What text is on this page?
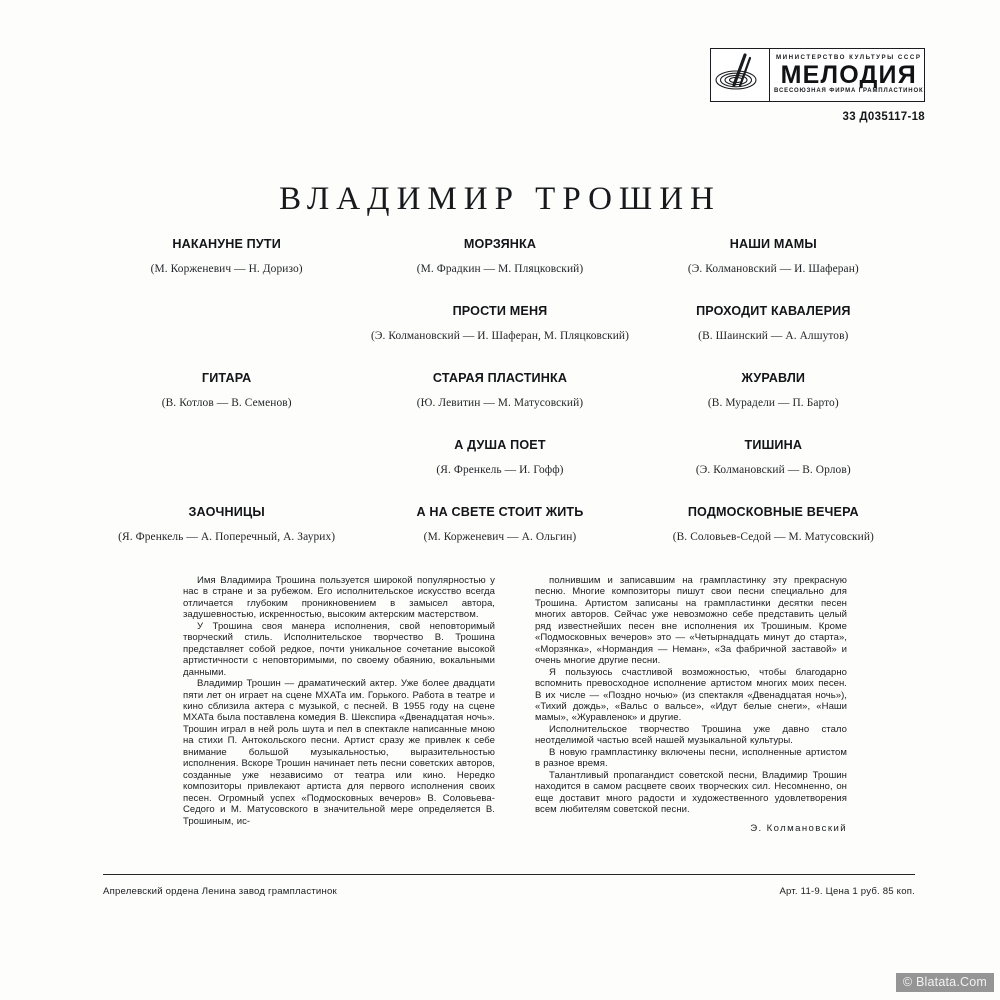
МИНИСТЕРСТВО КУЛЬТУРЫ СССР
МЕЛОДИЯ
ВСЕСОЮЗНАЯ ФИРМА ГРАМПЛАСТИНОК
33 Д035117-18
ВЛАДИМИР ТРОШИН
НАКАНУНЕ ПУТИ
(М. Корженевич — Н. Доризо)
МОРЗЯНКА
(М. Фрадкин — М. Пляцковский)
НАШИ МАМЫ
(Э. Колмановский — И. Шаферан)
ПРОСТИ МЕНЯ
(Э. Колмановский — И. Шаферан, М. Пляцковский)
ПРОХОДИТ КАВАЛЕРИЯ
(В. Шаинский — А. Алшутов)
ГИТАРА
(В. Котлов — В. Семенов)
СТАРАЯ ПЛАСТИНКА
(Ю. Левитин — М. Матусовский)
ЖУРАВЛИ
(В. Мурадели — П. Барто)
А ДУША ПОЕТ
(Я. Френкель — И. Гофф)
ТИШИНА
(Э. Колмановский — В. Орлов)
ЗАОЧНИЦЫ
(Я. Френкель — А. Поперечный, А. Заурих)
А НА СВЕТЕ СТОИТ ЖИТЬ
(М. Корженевич — А. Ольгин)
ПОДМОСКОВНЫЕ ВЕЧЕРА
(В. Соловьев-Седой — М. Матусовский)

Имя Владимира Трошина пользуется широкой популярностью у нас в стране и за рубежом. Его исполнительское искусство всегда отличается глубоким проникновением в замысел автора, задушевностью, искренностью, высоким актерским мастерством.

У Трошина своя манера исполнения, свой неповторимый творческий стиль. Исполнительское творчество В. Трошина представляет собой редкое, почти уникальное сочетание высокой артистичности с неповторимыми, по своему обаянию, вокальными данными.

Владимир Трошин — драматический актер. Уже более двадцати пяти лет он играет на сцене МХАТа им. Горького. Работа в театре и кино сблизила актера с музыкой, с песней. В 1955 году на сцене МХАТа была поставлена комедия В. Шекспира «Двенадцатая ночь». Трошин играл в ней роль шута и пел в спектакле написанные мною на стихи П. Антокольского песни. Артист сразу же привлек к себе внимание большой музыкальностью, выразительностью исполнения. Вскоре Трошин начинает петь песни советских авторов, созданные уже независимо от театра или кино. Нередко композиторы привлекают артиста для первого исполнения своих песен. Огромный успех «Подмосковных вечеров» В. Соловьева-Седого и М. Матусовского в значительной мере определяется В. Трошиным, ис-

полнившим и записавшим на грампластинку эту прекрасную песню. Многие композиторы пишут свои песни специально для Трошина. Артистом записаны на грампластинки десятки песен многих авторов. Сейчас уже невозможно себе представить целый ряд известнейших песен вне исполнения их Трошиным. Кроме «Подмосковных вечеров» это — «Четырнадцать минут до старта», «Морзянка», «Нормандия — Неман», «За фабричной заставой» и очень многие другие песни.

Я пользуюсь счастливой возможностью, чтобы благодарно вспомнить превосходное исполнение артистом многих моих песен. В их числе — «Поздно ночью» (из спектакля «Двенадцатая ночь»), «Тихий дождь», «Вальс о вальсе», «Идут белые снеги», «Наши мамы», «Журавленок» и другие.

Исполнительское творчество Трошина уже давно стало неотделимой частью всей нашей музыкальной культуры.

В новую грампластинку включены песни, исполненные артистом в разное время.

Талантливый пропагандист советской песни, Владимир Трошин находится в самом расцвете своих творческих сил. Несомненно, он еще доставит много радости и художественного удовлетворения всем любителям советской песни.

Э. Колмановский
Апрелевский ордена Ленина завод грампластинок	Арт. 11-9. Цена 1 руб. 85 коп.
© Blatata.Com
